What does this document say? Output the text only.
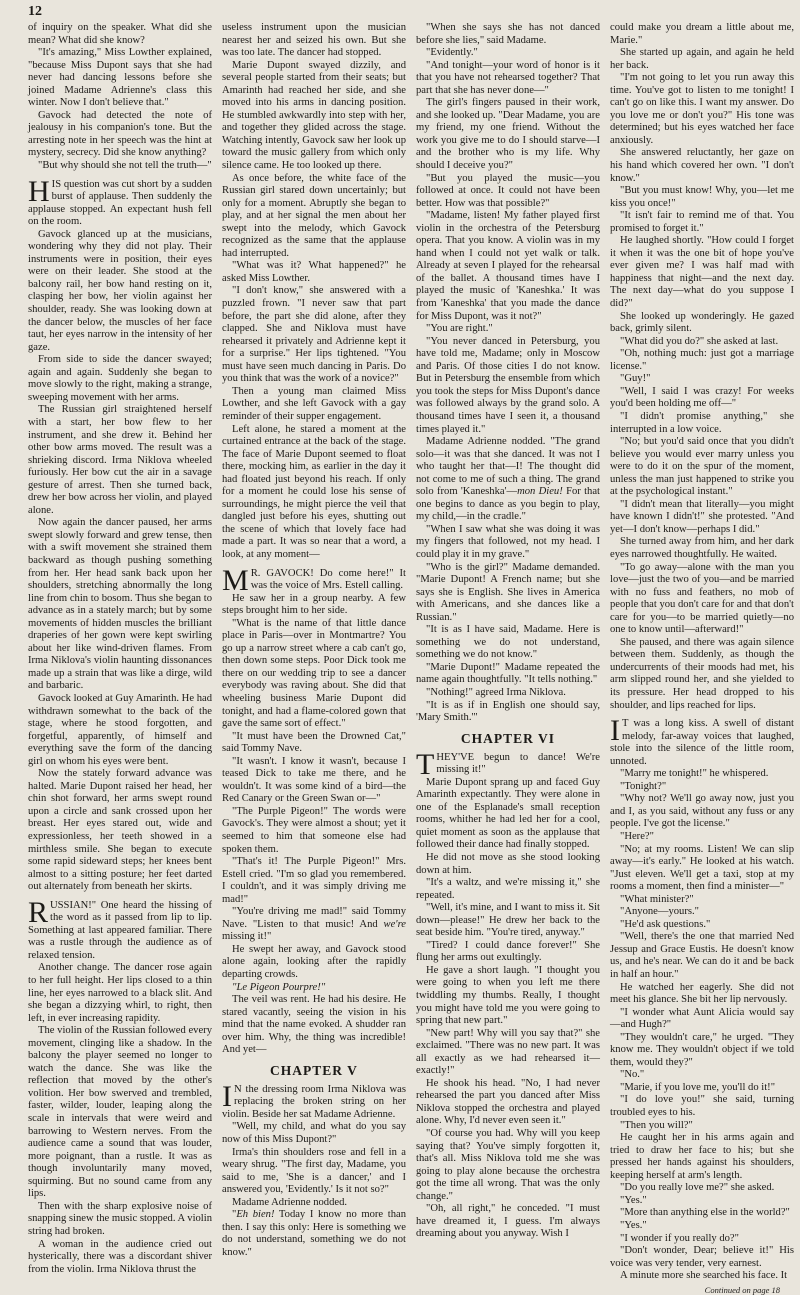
12

of inquiry on the speaker. What did she mean? What did she know?

"It's amazing," Miss Lowther explained, "because Miss Dupont says that she had never had dancing lessons before she joined Madame Adrienne's class this winter. Now I don't believe that."

Gavock had detected the note of jealousy in his companion's tone. But the arresting note in her speech was the hint at mystery, secrecy. Did she know anything?

"But why should she not tell the truth—"

HIS question was cut short by a sudden burst of applause. Then suddenly the applause stopped. An expectant hush fell on the room.

Gavock glanced up at the musicians, wondering why they did not play. Their instruments were in position, their eyes were on their leader. She stood at the balcony rail, her bow hand resting on it, clasping her bow, her violin against her shoulder, ready. She was looking down at the dancer below, the muscles of her face taut, her eyes narrow in the intensity of her gaze.

From side to side the dancer swayed; again and again. Suddenly she began to move slowly to the right, making a strange, sweeping movement with her arms.

The Russian girl straightened herself with a start, her bow flew to her instrument, and she drew it. Behind her other bow arms moved. The result was a shrieking discord. Irma Niklova wheeled furiously. Her bow cut the air in a savage gesture of arrest. Then she turned back, drew her bow across her violin, and played alone.

Now again the dancer paused, her arms swept slowly forward and grew tense, then with a swift movement she strained them backward as though pushing something from her. Her head sank back upon her shoulders, stretching abnormally the long line from chin to bosom. Thus she began to advance as in a stately march; but by some movements of hidden muscles the brilliant draperies of her gown were kept swirling about her like wind-driven flames. From Irma Niklova's violin haunting dissonances made up a strain that was like a dirge, wild and barbaric.

Gavock looked at Guy Amarinth. He had withdrawn somewhat to the back of the stage, where he stood forgotten, and forgetful, apparently, of himself and everything save the form of the dancing girl on whom his eyes were bent.

Now the stately forward advance was halted. Marie Dupont raised her head, her chin shot forward, her arms swept round upon a circle and sank crossed upon her breast. Her eyes stared out, wide and expressionless, her teeth showed in a mirthless smile. She began to execute some rapid sideward steps; her knees bent almost to a sitting posture; her feet darted out alternately from beneath her skirts.

RUSSIAN!" One heard the hissing of the word as it passed from lip to lip. Something at last appeared familiar. There was a rustle through the audience as of relaxed tension.

Another change. The dancer rose again to her full height. Her lips closed to a thin line, her eyes narrowed to a black slit. And she began a dizzying whirl, to right, then left, in ever increasing rapidity.

The violin of the Russian followed every movement, clinging like a shadow. In the balcony the player seemed no longer to watch the dance. She was like the reflection that moved by the other's volition. Her bow swerved and trembled, faster, wilder, louder, leaping along the scale in intervals that were weird and barrowing to Western nerves. From the audience came a sound that was louder, more poignant, than a rustle. It was as though involuntarily many moved, squirming. But no sound came from any lips.

Then with the sharp explosive noise of snapping sinew the music stopped. A violin string had broken.

A woman in the audience cried out hysterically, there was a discordant shiver from the violin. Irma Niklova thrust the

useless instrument upon the musician nearest her and seized his own. But she was too late. The dancer had stopped.

Marie Dupont swayed dizzily, and several people started from their seats; but Amarinth had reached her side, and she moved into his arms in dancing position. He stumbled awkwardly into step with her, and together they glided across the stage. Watching intently, Gavock saw her look up toward the music gallery from which only silence came. He too looked up there.

As once before, the white face of the Russian girl stared down uncertainly; but only for a moment. Abruptly she began to play, and at her signal the men about her swept into the melody, which Gavock recognized as the same that the applause had interrupted.

"What was it? What happened?" he asked Miss Lowther.

"I don't know," she answered with a puzzled frown. "I never saw that part before, the part she did alone, after they clapped. She and Niklova must have rehearsed it privately and Adrienne kept it for a surprise." Her lips tightened. "You must have seen much dancing in Paris. Do you think that was the work of a novice?"

Then a young man claimed Miss Lowther, and she left Gavock with a gay reminder of their supper engagement.

Left alone, he stared a moment at the curtained entrance at the back of the stage. The face of Marie Dupont seemed to float there, mocking him, as earlier in the day it had floated just beyond his reach. If only for a moment he could lose his sense of surroundings, he might pierce the veil that dangled just before his eyes, shutting out the scene of which that lovely face had made a part. It was so near that a word, a look, at any moment—

M R. GAVOCK! Do come here!" It was the voice of Mrs. Estell calling.

He saw her in a group nearby. A few steps brought him to her side.

"What is the name of that little dance place in Paris—over in Montmartre? You go up a narrow street where a cab can't go, then down some steps. Poor Dick took me there on our wedding trip to see a dancer everybody was raving about. She did that wheeling business Marie Dupont did tonight, and had a flame-colored gown that gave the same sort of effect."

"It must have been the Drowned Cat," said Tommy Nave.

"It wasn't. I know it wasn't, because I teased Dick to take me there, and he wouldn't. It was some kind of a bird—the Red Canary or the Green Swan or—"

"The Purple Pigeon!" The words were Gavock's. They were almost a shout; yet it seemed to him that someone else had spoken them.

"That's it! The Purple Pigeon!" Mrs. Estell cried. "I'm so glad you remembered. I couldn't, and it was simply driving me mad!"

"You're driving me mad!" said Tommy Nave. "Listen to that music! And we're missing it!"

He swept her away, and Gavock stood alone again, looking after the rapidly departing crowds.

"Le Pigeon Pourpre!"

The veil was rent. He had his desire. He stared vacantly, seeing the vision in his mind that the name evoked. A shudder ran over him. Why, the thing was incredible! And yet—

CHAPTER V

I N the dressing room Irma Niklova was replacing the broken string on her violin. Beside her sat Madame Adrienne.

"Well, my child, and what do you say now of this Miss Dupont?"

Irma's thin shoulders rose and fell in a weary shrug. "The first day, Madame, you said to me, 'She is a dancer,' and I answered you, 'Evidently.' Is it not so?"

Madame Adrienne nodded.

"Eh bien! Today I know no more than then. I say this only: Here is something we do not understand, something we do not know."

"When she says she has not danced before she lies," said Madame.

"Evidently."

"And tonight—your word of honor is it that you have not rehearsed together? That part that she has never done—"

The girl's fingers paused in their work, and she looked up. "Dear Madame, you are my friend, my one friend. Without the work you give me to do I should starve—I and the brother who is my life. Why should I deceive you?"

"But you played the music—you followed at once. It could not have been better. How was that possible?"

"Madame, listen! My father played first violin in the orchestra of the Petersburg opera. That you know. A violin was in my hand when I could not yet walk or talk. Already at seven I played for the rehearsal of the ballet. A thousand times have I played the music of 'Kaneshka.' It was from 'Kaneshka' that you made the dance for Miss Dupont, was it not?"

"You are right."

"You never danced in Petersburg, you have told me, Madame; only in Moscow and Paris. Of those cities I do not know. But in Petersburg the ensemble from which you took the steps for Miss Dupont's dance was followed always by the grand solo. A thousand times have I seen it, a thousand times played it."

Madame Adrienne nodded. "The grand solo—it was that she danced. It was not I who taught her that—I! The thought did not come to me of such a thing. The grand solo from 'Kaneshka'—mon Dieu! For that one begins to dance as you begin to play, my child,—in the cradle."

"When I saw what she was doing it was my fingers that followed, not my head. I could play it in my grave."

"Who is the girl?" Madame demanded. "Marie Dupont! A French name; but she says she is English. She lives in America with Americans, and she dances like a Russian."

"It is as I have said, Madame. Here is something we do not understand, something we do not know."

"Marie Dupont!" Madame repeated the name again thoughtfully. "It tells nothing."

"Nothing!" agreed Irma Niklova.

"It is as if in English one should say, 'Mary Smith.'"

CHAPTER VI

THEY'VE begun to dance! We're missing it!"

Marie Dupont sprang up and faced Guy Amarinth expectantly. They were alone in one of the Esplanade's small reception rooms, whither he had led her for a cool, quiet moment as soon as the applause that followed their dance had finally stopped.

He did not move as she stood looking down at him.

"It's a waltz, and we're missing it," she repeated.

"Well, it's mine, and I want to miss it. Sit down—please!" He drew her back to the seat beside him. "You're tired, anyway."

"Tired? I could dance forever!" She flung her arms out exultingly.

He gave a short laugh. "I thought you were going to when you left me there twiddling my thumbs. Really, I thought you might have told me you were going to spring that new part."

"New part! Why will you say that?" she exclaimed. "There was no new part. It was all exactly as we had rehearsed it—exactly!"

He shook his head. "No, I had never rehearsed the part you danced after Miss Niklova stopped the orchestra and played alone. Why, I'd never even seen it."

"Of course you had. Why will you keep saying that? You've simply forgotten it, that's all. Miss Niklova told me she was going to play alone because the orchestra got the time all wrong. That was the only change."

"Oh, all right," he conceded. "I must have dreamed it, I guess. I'm always dreaming about you anyway. Wish I

could make you dream a little about me, Marie."

She started up again, and again he held her back.

"I'm not going to let you run away this time. You've got to listen to me tonight! I can't go on like this. I want my answer. Do you love me or don't you?" His tone was determined; but his eyes watched her face anxiously.

She answered reluctantly, her gaze on his hand which covered her own. "I don't know."

"But you must know! Why, you—let me kiss you once!"

"It isn't fair to remind me of that. You promised to forget it."

He laughed shortly. "How could I forget it when it was the one bit of hope you've ever given me? I was half mad with happiness that night—and the next day. The next day—what do you suppose I did?"

She looked up wonderingly. He gazed back, grimly silent.

"What did you do?" she asked at last.

"Oh, nothing much: just got a marriage license."

"Guy!"

"Well, I said I was crazy! For weeks you'd been holding me off—"

"I didn't promise anything," she interrupted in a low voice.

"No; but you'd said once that you didn't believe you would ever marry unless you were to do it on the spur of the moment, unless the man just happened to strike you at the psychological instant."

"I didn't mean that literally—you might have known I didn't!" she protested. "And yet—I don't know—perhaps I did."

She turned away from him, and her dark eyes narrowed thoughtfully. He waited.

"To go away—alone with the man you love—just the two of you—and be married with no fuss and feathers, no mob of people that you don't care for and that don't care for you—to be married quietly—no one to know until—afterward!"

She paused, and there was again silence between them. Suddenly, as though the undercurrents of their moods had met, his arm slipped round her, and she yielded to its pressure. Her head dropped to his shoulder, and lips reached for lips.

I T was a long kiss. A swell of distant melody, far-away voices that laughed, stole into the silence of the little room, unnoted.

"Marry me tonight!" he whispered.

"Tonight?"

"Why not? We'll go away now, just you and I, as you said, without any fuss or any people. I've got the license."

"Here?"

"No; at my rooms. Listen! We can slip away—it's early." He looked at his watch. "Just eleven. We'll get a taxi, stop at my rooms a moment, then find a minister—"

"What minister?"

"Anyone—yours."

"He'd ask questions."

"Well, there's the one that married Ned Jessup and Grace Eustis. He doesn't know us, and he's near. We can do it and be back in half an hour."

He watched her eagerly. She did not meet his glance. She bit her lip nervously.

"I wonder what Aunt Alicia would say —and Hugh?"

"They wouldn't care," he urged. "They know me. They wouldn't object if we told them, would they?"

"No."

"Marie, if you love me, you'll do it!"

"I do love you!" she said, turning troubled eyes to his.

"Then you will?"

He caught her in his arms again and tried to draw her face to his; but she pressed her hands against his shoulders, keeping herself at arm's length.

"Do you really love me?" she asked.

"Yes."

"More than anything else in the world?"

"Yes."

"I wonder if you really do?"

"Don't wonder, Dear; believe it!" His voice was very tender, very earnest.

A minute more she searched his face. It

Continued on page 18
